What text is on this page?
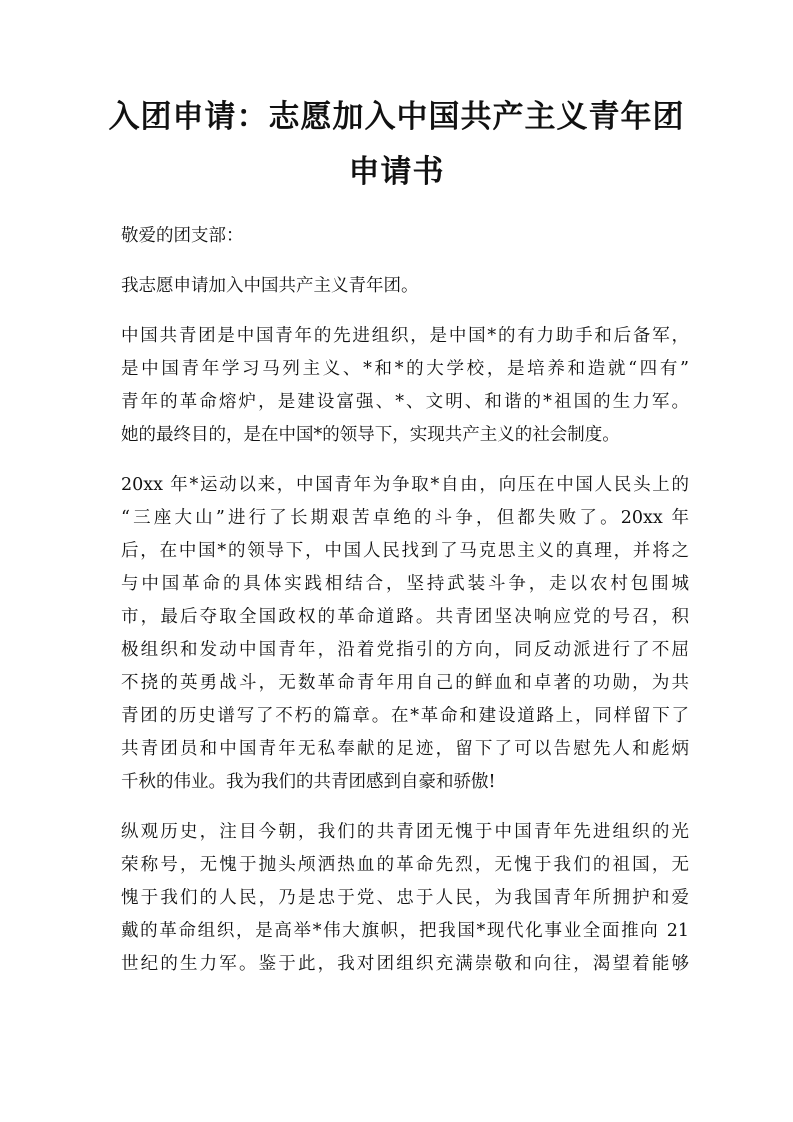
入团申请：志愿加入中国共产主义青年团
申请书

敬爱的团支部：

我志愿申请加入中国共产主义青年团。

中国共青团是中国青年的先进组织，是中国*的有力助手和后备军，
是中国青年学习马列主义、*和*的大学校，是培养和造就“四有”
青年的革命熔炉，是建设富强、*、文明、和谐的*祖国的生力军。
她的最终目的，是在中国*的领导下，实现共产主义的社会制度。

20xx 年*运动以来，中国青年为争取*自由，向压在中国人民头上的
“三座大山”进行了长期艰苦卓绝的斗争，但都失败了。20xx 年
后，在中国*的领导下，中国人民找到了马克思主义的真理，并将之
与中国革命的具体实践相结合，坚持武装斗争，走以农村包围城
市，最后夺取全国政权的革命道路。共青团坚决响应党的号召，积
极组织和发动中国青年，沿着党指引的方向，同反动派进行了不屈
不挠的英勇战斗，无数革命青年用自己的鲜血和卓著的功勋，为共
青团的历史谱写了不朽的篇章。在*革命和建设道路上，同样留下了
共青团员和中国青年无私奉献的足迹，留下了可以告慰先人和彪炳
千秋的伟业。我为我们的共青团感到自豪和骄傲!

纵观历史，注目今朝，我们的共青团无愧于中国青年先进组织的光
荣称号，无愧于抛头颅洒热血的革命先烈，无愧于我们的祖国，无
愧于我们的人民，乃是忠于党、忠于人民，为我国青年所拥护和爱
戴的革命组织，是高举*伟大旗帜，把我国*现代化事业全面推向 21
世纪的生力军。鉴于此，我对团组织充满崇敬和向往，渴望着能够
